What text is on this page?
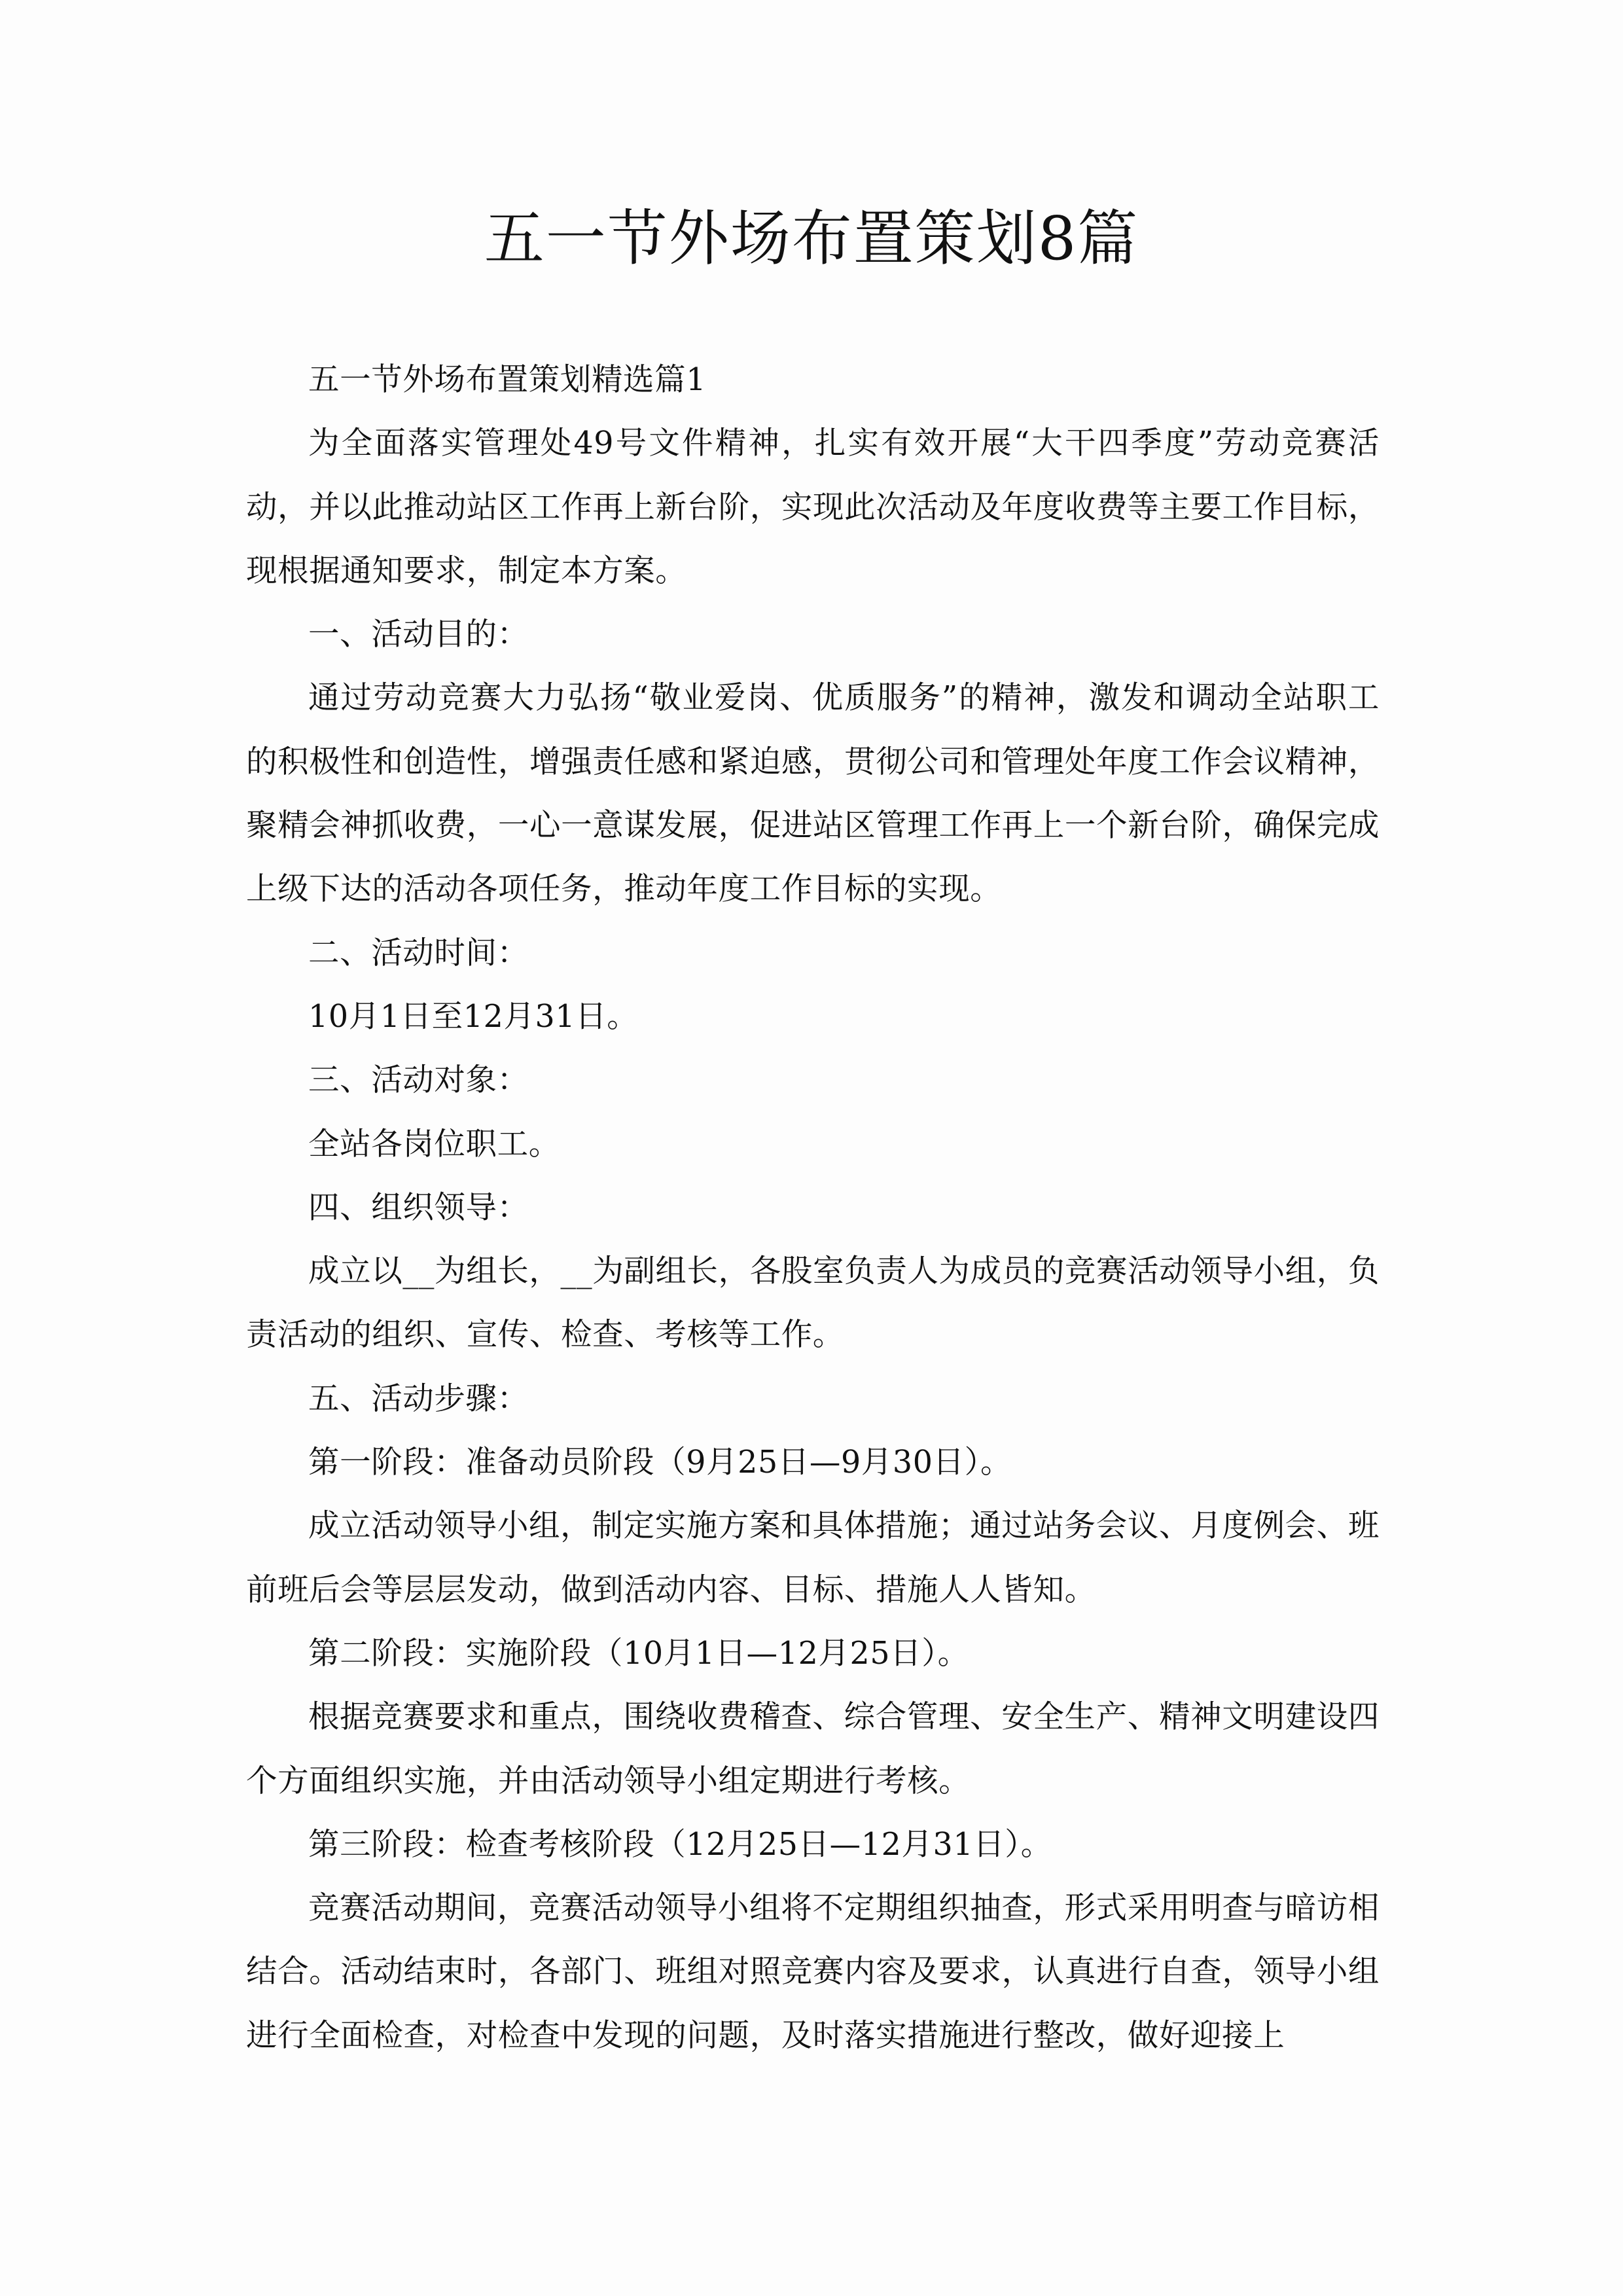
五一节外场布置策划8篇

五一节外场布置策划精选篇1

为全面落实管理处49号文件精神，扎实有效开展“大干四季度”劳动竞赛活动，并以此推动站区工作再上新台阶，实现此次活动及年度收费等主要工作目标，现根据通知要求，制定本方案。

一、活动目的：

通过劳动竞赛大力弘扬“敬业爱岗、优质服务”的精神，激发和调动全站职工的积极性和创造性，增强责任感和紧迫感，贯彻公司和管理处年度工作会议精神，聚精会神抓收费，一心一意谋发展，促进站区管理工作再上一个新台阶，确保完成上级下达的活动各项任务，推动年度工作目标的实现。

二、活动时间：

10月1日至12月31日。

三、活动对象：

全站各岗位职工。

四、组织领导：

成立以__为组长，__为副组长，各股室负责人为成员的竞赛活动领导小组，负责活动的组织、宣传、检查、考核等工作。

五、活动步骤：

第一阶段：准备动员阶段（9月25日—9月30日）。

成立活动领导小组，制定实施方案和具体措施；通过站务会议、月度例会、班前班后会等层层发动，做到活动内容、目标、措施人人皆知。

第二阶段：实施阶段（10月1日—12月25日）。

根据竞赛要求和重点，围绕收费稽查、综合管理、安全生产、精神文明建设四个方面组织实施，并由活动领导小组定期进行考核。

第三阶段：检查考核阶段（12月25日—12月31日）。

竞赛活动期间，竞赛活动领导小组将不定期组织抽查，形式采用明查与暗访相结合。活动结束时，各部门、班组对照竞赛内容及要求，认真进行自查，领导小组进行全面检查，对检查中发现的问题，及时落实措施进行整改，做好迎接上
